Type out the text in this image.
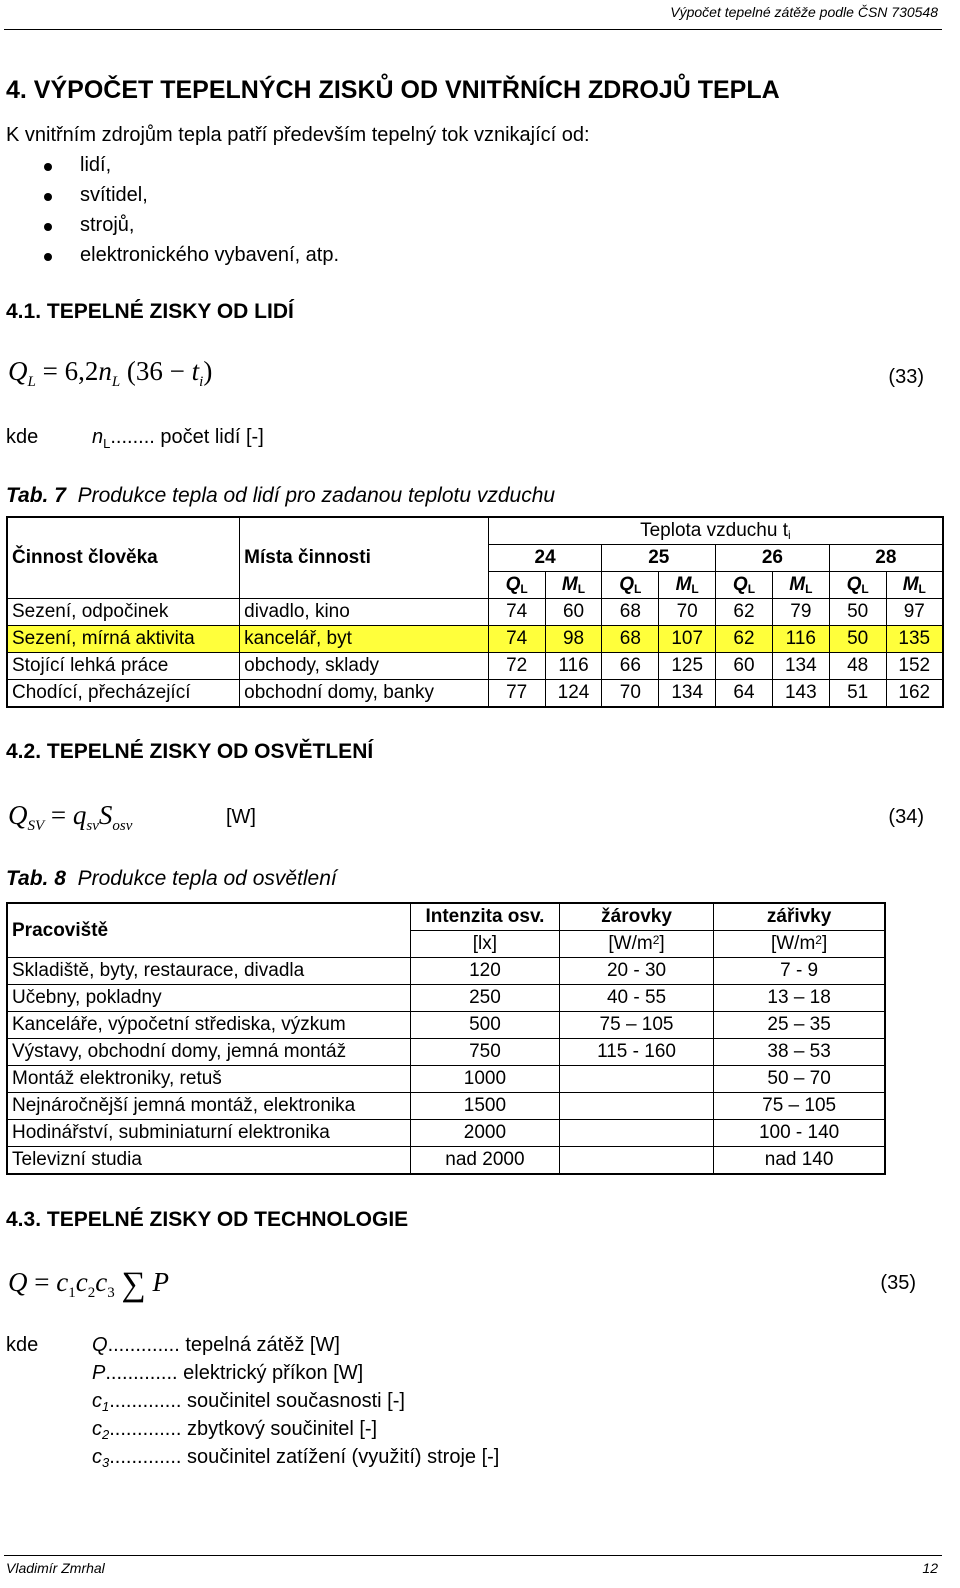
Výpočet tepelné zátěže podle ČSN 730548
4. VÝPOČET TEPELNÝCH ZISKŮ OD VNITŘNÍCH ZDROJŮ TEPLA
K vnitřním zdrojům tepla patří především tepelný tok vznikající od:
lidí,
svítidel,
strojů,
elektronického vybavení, atp.
4.1. TEPELNÉ ZISKY OD LIDÍ
$Q_L = 6,2n_L$ $(36 - t_i)$	(33)
kde	$n_L$........ počet lidí [-]
Tab. 7 Produkce tepla od lidí pro zadanou teplotu vzduchu
Činnost člověka	Místa činnosti	Teplota vzduchu $t_i$
		24		25		26		28	
		$Q_L$	$M_L$	$Q_L$	$M_L$	$Q_L$	$M_L$	$Q_L$	$M_L$
Sezení, odpočinek	divadlo, kino	74	60	68	70	62	79	50	97
Sezení, mírná aktivita	kancelář, byt	74	98	68	107	62	116	50	135
Stojící lehká práce	obchody, sklady	72	116	66	125	60	134	48	152
Chodící, přecházející	obchodní domy, banky	77	124	70	134	64	143	51	162
4.2. TEPELNÉ ZISKY OD OSVĚTLENÍ
$Q_{SV} = q_{sv}S_{osv}$	[W]	(34)
Tab. 8 Produkce tepla od osvětlení
Pracoviště	Intenzita osv.	žárovky	zářivky
	[lx]	$[W/m^2]$	$[W/m^2]$
Skladiště, byty, restaurace, divadla	120	20 - 30	7 - 9
Učebny, pokladny	250	40 - 55	13 – 18
Kanceláře, výpočetní střediska, výzkum	500	75 – 105	25 – 35
Výstavy, obchodní domy, jemná montáž	750	115 - 160	38 – 53
Montáž elektroniky, retuš	1000		50 – 70
Nejnáročnější jemná montáž, elektronika	1500		75 – 105
Hodinářství, subminiaturní elektronika	2000		100 - 140
Televizní studia	nad 2000		nad 140
4.3. TEPELNÉ ZISKY OD TECHNOLOGIE
$Q = c_1c_2c_3$ ∑ P	(35)
kde	Q............. tepelná zátěž [W]
P............. elektrický příkon [W]
$c_1$............. součinitel současnosti [-]
$c_2$............. zbytkový součinitel [-]
$c_3$............. součinitel zatížení (využití) stroje [-]
Vladimír Zmrhal	12
